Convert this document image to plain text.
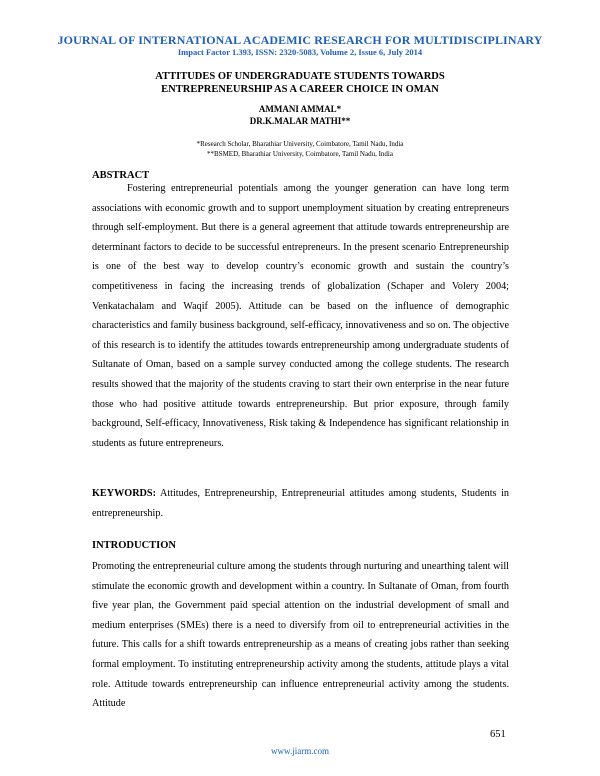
JOURNAL OF INTERNATIONAL ACADEMIC RESEARCH FOR MULTIDISCIPLINARY
Impact Factor 1.393, ISSN: 2320-5083, Volume 2, Issue 6, July 2014
ATTITUDES OF UNDERGRADUATE STUDENTS TOWARDS
ENTREPRENEURSHIP AS A CAREER CHOICE IN OMAN
AMMANI AMMAL*
DR.K.MALAR MATHI**
*Research Scholar, Bharathiar University, Coimbatore, Tamil Nadu, India
**BSMED, Bharathiar University, Coimbatore, Tamil Nadu, India
ABSTRACT
Fostering entrepreneurial potentials among the younger generation can have long term associations with economic growth and to support unemployment situation by creating entrepreneurs through self-employment. But there is a general agreement that attitude towards entrepreneurship are determinant factors to decide to be successful entrepreneurs. In the present scenario Entrepreneurship is one of the best way to develop country’s economic growth and sustain the country’s competitiveness in facing the increasing trends of globalization (Schaper and Volery 2004; Venkatachalam and Waqif 2005). Attitude can be based on the influence of demographic characteristics and family business background, self-efficacy, innovativeness and so on. The objective of this research is to identify the attitudes towards entrepreneurship among undergraduate students of Sultanate of Oman, based on a sample survey conducted among the college students. The research results showed that the majority of the students craving to start their own enterprise in the near future those who had positive attitude towards entrepreneurship. But prior exposure, through family background, Self-efficacy, Innovativeness, Risk taking & Independence has significant relationship in students as future entrepreneurs.
KEYWORDS: Attitudes, Entrepreneurship, Entrepreneurial attitudes among students, Students in entrepreneurship.
INTRODUCTION
Promoting the entrepreneurial culture among the students through nurturing and unearthing talent will stimulate the economic growth and development within a country. In Sultanate of Oman, from fourth five year plan, the Government paid special attention on the industrial development of small and medium enterprises (SMEs) there is a need to diversify from oil to entrepreneurial activities in the future. This calls for a shift towards entrepreneurship as a means of creating jobs rather than seeking formal employment. To instituting entrepreneurship activity among the students, attitude plays a vital role. Attitude towards entrepreneurship can influence entrepreneurial activity among the students. Attitude
651
www.jiarm.com
